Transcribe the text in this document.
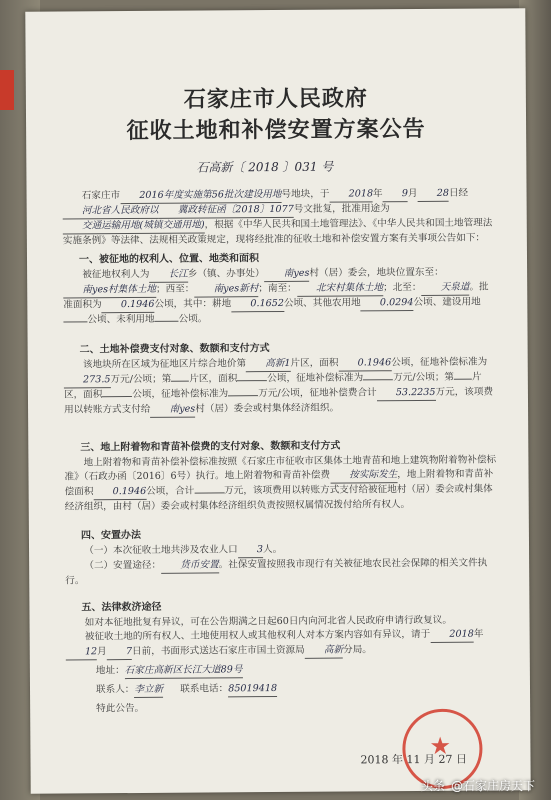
石家庄市人民政府
征收土地和补偿安置方案公告
石高新〔 2018 〕031 号

石家庄市 2016年度实施第56批次建设用地号地块，于 2018年 9月 28日经河北省人民政府以 冀政转征函〔2018〕1077号文批复，批准用途为交通运输用地(城镇交通用地)，根据《中华人民共和国土地管理法》、《中华人民共和国土地管理法实施条例》等法律、法规相关政策规定，现将经批准的征收土地和补偿安置方案有关事项公告如下：

一、被征地的权利人、位置、地类和面积

被征地权利人为 长江乡（镇、办事处） 南yes村（居）委会，地块位置东至：南yes村集体土地；西至： 南yes新村；南至： 北宋村集体土地；北至： 天泉道。批准面积为 0.1946公顷，其中：耕地 0.1652公顷、其他农用地 0.0294公顷、建设用地公顷、未利用地 公顷。

二、土地补偿费支付对象、数额和支付方式

该地块所在区域为征地区片综合地价第 高新1片区，面积 0.1946公顷，征地补偿标准为273.5万元/公顷；第 片区，面积	公顷，征地补偿标准为	万元/公顷；第 片区，面积	公顷，征地补偿标准为	万元/公顷，征地补偿费合计 53.2235万元，该项费用以转账方式支付给 南yes村（居）委会或村集体经济组织。

三、地上附着物和青苗补偿费的支付对象、数额和支付方式

地上附着物和青苗补偿补偿标准按照《石家庄市征收市区集体土地青苗和地上建筑物附着物补偿标准》（石政办函〔2016〕6号）执行。地上附着物和青苗补偿费 按实际发生，地上附着物和青苗补偿面积 0.1946公顷，合计	万元，该项费用以转账方式支付给被征地村（居）委会或村集体经济组织，由村（居）委会或村集体经济组织负责按照权属情况拨付给所有权人。

四、安置办法

（一）本次征收土地共涉及农业人口 3人。

（二）安置途径： 货币安置。社保安置按照我市现行有关被征地农民社会保障的相关文件执行。

五、法律救济途径

如对本征地批复有异议，可在公告期满之日起60日内向河北省人民政府申请行政复议。

被征收土地的所有权人、土地使用权人或其他权利人对本方案内容如有异议，请于 2018年12月 7日前，书面形式送达石家庄市国土资源局 高新分局。

地址：石家庄高新区长江大道89号
联系人：李立新 联系电话：85019418
特此公告。
★
2018 年 11 月 27 日
头条 @石家庄房天下
